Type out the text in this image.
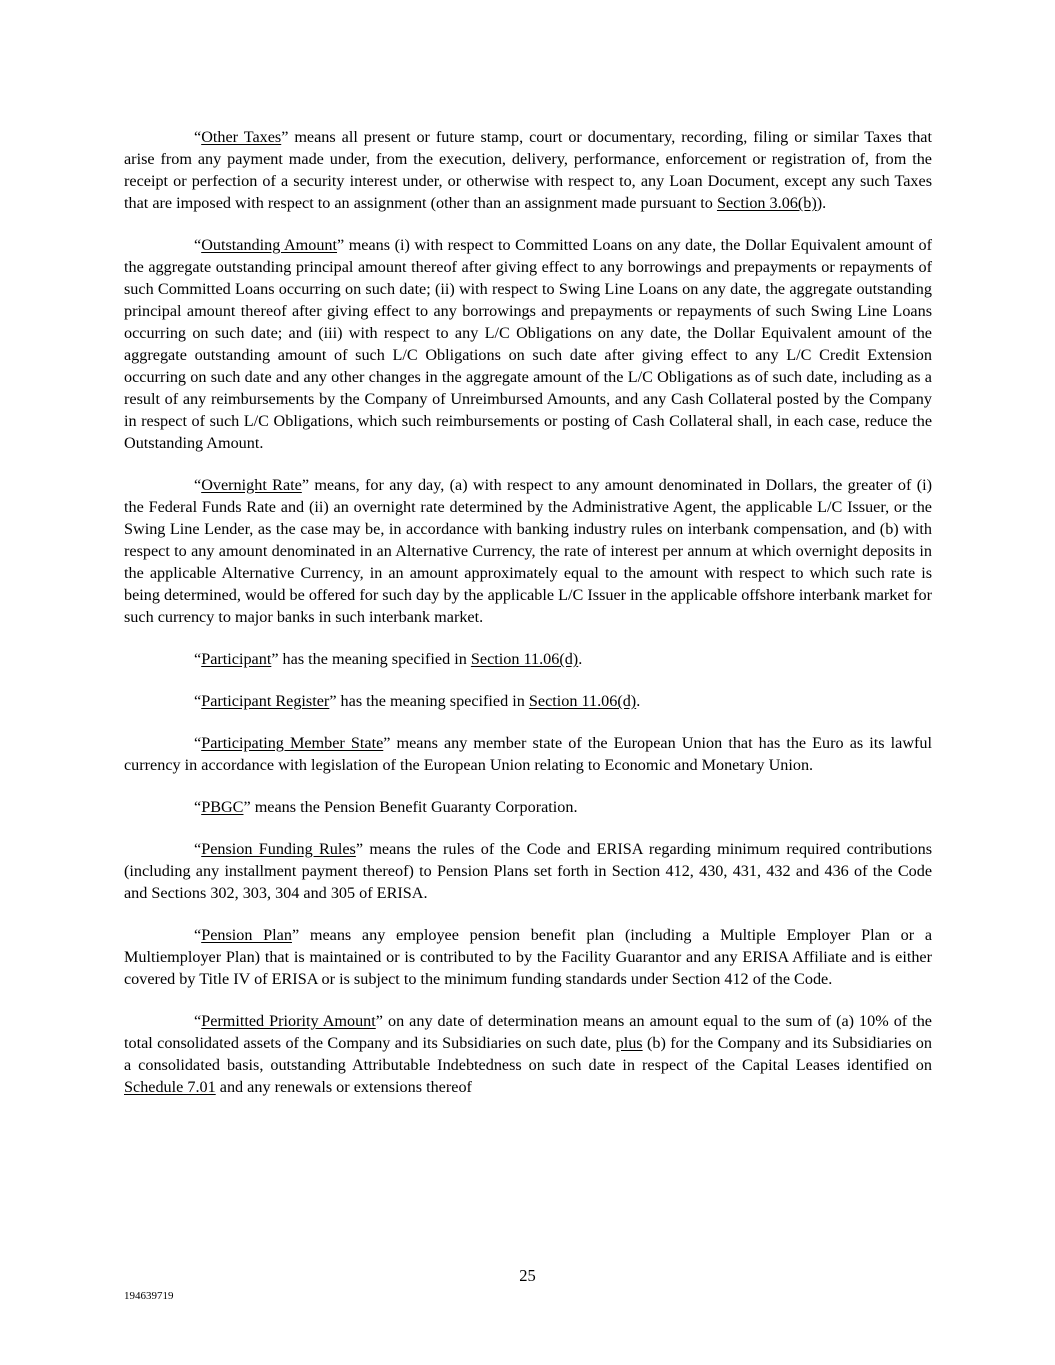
“Other Taxes” means all present or future stamp, court or documentary, recording, filing or similar Taxes that arise from any payment made under, from the execution, delivery, performance, enforcement or registration of, from the receipt or perfection of a security interest under, or otherwise with respect to, any Loan Document, except any such Taxes that are imposed with respect to an assignment (other than an assignment made pursuant to Section 3.06(b)).

“Outstanding Amount” means (i) with respect to Committed Loans on any date, the Dollar Equivalent amount of the aggregate outstanding principal amount thereof after giving effect to any borrowings and prepayments or repayments of such Committed Loans occurring on such date; (ii) with respect to Swing Line Loans on any date, the aggregate outstanding principal amount thereof after giving effect to any borrowings and prepayments or repayments of such Swing Line Loans occurring on such date; and (iii) with respect to any L/C Obligations on any date, the Dollar Equivalent amount of the aggregate outstanding amount of such L/C Obligations on such date after giving effect to any L/C Credit Extension occurring on such date and any other changes in the aggregate amount of the L/C Obligations as of such date, including as a result of any reimbursements by the Company of Unreimbursed Amounts, and any Cash Collateral posted by the Company in respect of such L/C Obligations, which such reimbursements or posting of Cash Collateral shall, in each case, reduce the Outstanding Amount.

“Overnight Rate” means, for any day, (a) with respect to any amount denominated in Dollars, the greater of (i) the Federal Funds Rate and (ii) an overnight rate determined by the Administrative Agent, the applicable L/C Issuer, or the Swing Line Lender, as the case may be, in accordance with banking industry rules on interbank compensation, and (b) with respect to any amount denominated in an Alternative Currency, the rate of interest per annum at which overnight deposits in the applicable Alternative Currency, in an amount approximately equal to the amount with respect to which such rate is being determined, would be offered for such day by the applicable L/C Issuer in the applicable offshore interbank market for such currency to major banks in such interbank market.

“Participant” has the meaning specified in Section 11.06(d).

“Participant Register” has the meaning specified in Section 11.06(d).

“Participating Member State” means any member state of the European Union that has the Euro as its lawful currency in accordance with legislation of the European Union relating to Economic and Monetary Union.

“PBGC” means the Pension Benefit Guaranty Corporation.

“Pension Funding Rules” means the rules of the Code and ERISA regarding minimum required contributions (including any installment payment thereof) to Pension Plans set forth in Section 412, 430, 431, 432 and 436 of the Code and Sections 302, 303, 304 and 305 of ERISA.

“Pension Plan” means any employee pension benefit plan (including a Multiple Employer Plan or a Multiemployer Plan) that is maintained or is contributed to by the Facility Guarantor and any ERISA Affiliate and is either covered by Title IV of ERISA or is subject to the minimum funding standards under Section 412 of the Code.

“Permitted Priority Amount” on any date of determination means an amount equal to the sum of (a) 10% of the total consolidated assets of the Company and its Subsidiaries on such date, plus (b) for the Company and its Subsidiaries on a consolidated basis, outstanding Attributable Indebtedness on such date in respect of the Capital Leases identified on Schedule 7.01 and any renewals or extensions thereof

25
194639719
